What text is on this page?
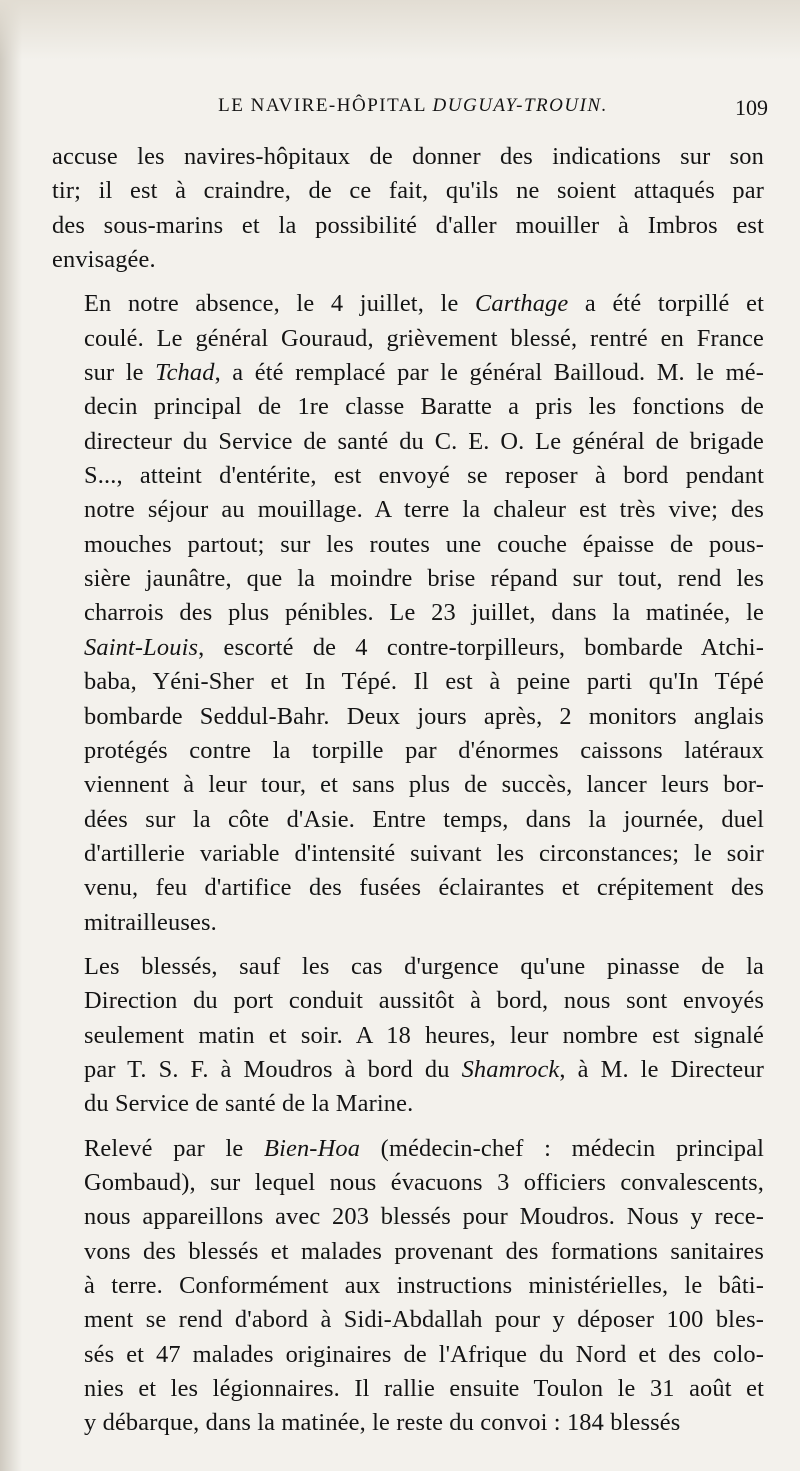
LE NAVIRE-HÔPITAL DUGUAY-TROUIN.	109

accuse les navires-hôpitaux de donner des indications sur son
tir; il est à craindre, de ce fait, qu'ils ne soient attaqués par
des sous-marins et la possibilité d'aller mouiller à Imbros est
envisagée.

En notre absence, le 4 juillet, le Carthage a été torpillé et
coulé. Le général Gouraud, grièvement blessé, rentré en France
sur le Tchad, a été remplacé par le général Bailloud. M. le mé-
decin principal de 1re classe Baratte a pris les fonctions de
directeur du Service de santé du C. E. O. Le général de brigade
S..., atteint d'entérite, est envoyé se reposer à bord pendant
notre séjour au mouillage. A terre la chaleur est très vive; des
mouches partout; sur les routes une couche épaisse de pous-
sière jaunâtre, que la moindre brise répand sur tout, rend les
charrois des plus pénibles. Le 23 juillet, dans la matinée, le
Saint-Louis, escorté de 4 contre-torpilleurs, bombarde Atchi-
baba, Yéni-Sher et In Tépé. Il est à peine parti qu'In Tépé
bombarde Seddul-Bahr. Deux jours après, 2 monitors anglais
protégés contre la torpille par d'énormes caissons latéraux
viennent à leur tour, et sans plus de succès, lancer leurs bor-
dées sur la côte d'Asie. Entre temps, dans la journée, duel
d'artillerie variable d'intensité suivant les circonstances; le soir
venu, feu d'artifice des fusées éclairantes et crépitement des
mitrailleuses.

Les blessés, sauf les cas d'urgence qu'une pinasse de la
Direction du port conduit aussitôt à bord, nous sont envoyés
seulement matin et soir. A 18 heures, leur nombre est signalé
par T. S. F. à Moudros à bord du Shamrock, à M. le Directeur
du Service de santé de la Marine.

Relevé par le Bien-Hoa (médecin-chef : médecin principal
Gombaud), sur lequel nous évacuons 3 officiers convalescents,
nous appareillons avec 203 blessés pour Moudros. Nous y rece-
vons des blessés et malades provenant des formations sanitaires
à terre. Conformément aux instructions ministérielles, le bâti-
ment se rend d'abord à Sidi-Abdallah pour y déposer 100 bles-
sés et 47 malades originaires de l'Afrique du Nord et des colo-
nies et les légionnaires. Il rallie ensuite Toulon le 31 août et
y débarque, dans la matinée, le reste du convoi : 184 blessés
